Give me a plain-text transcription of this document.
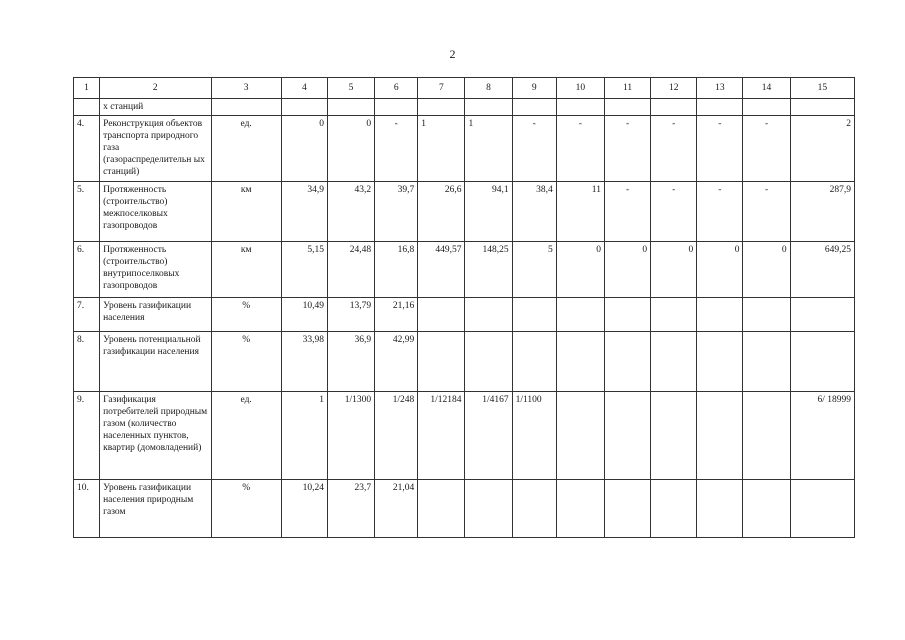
2
1	2	3	4	5	6	7	8	9	10	11	12	13	14	15
	х станций													
4.	Реконструкция объектов транспорта природного газа (газораспределительн ых станций)	ед.	0	0	-	1	1	-	-	-	-	-	-	2
5.	Протяженность (строительство) межпоселковых газопроводов	км	34,9	43,2	39,7	26,6	94,1	38,4	11	-	-	-	-	287,9
6.	Протяженность (строительство) внутрипоселковых газопроводов	км	5,15	24,48	16,8	449,57	148,25	5	0	0	0	0	0	649,25
7.	Уровень газификации населения	%	10,49	13,79	21,16									
8.	Уровень потенциальной газификации населения	%	33,98	36,9	42,99									
9.	Газификация потребителей природным газом (количество населенных пунктов, квартир (домовладений)	ед.	1	1/1300	1/248	1/12184	1/4167	1/1100						6/ 18999
10.	Уровень газификации населения природным газом	%	10,24	23,7	21,04									
